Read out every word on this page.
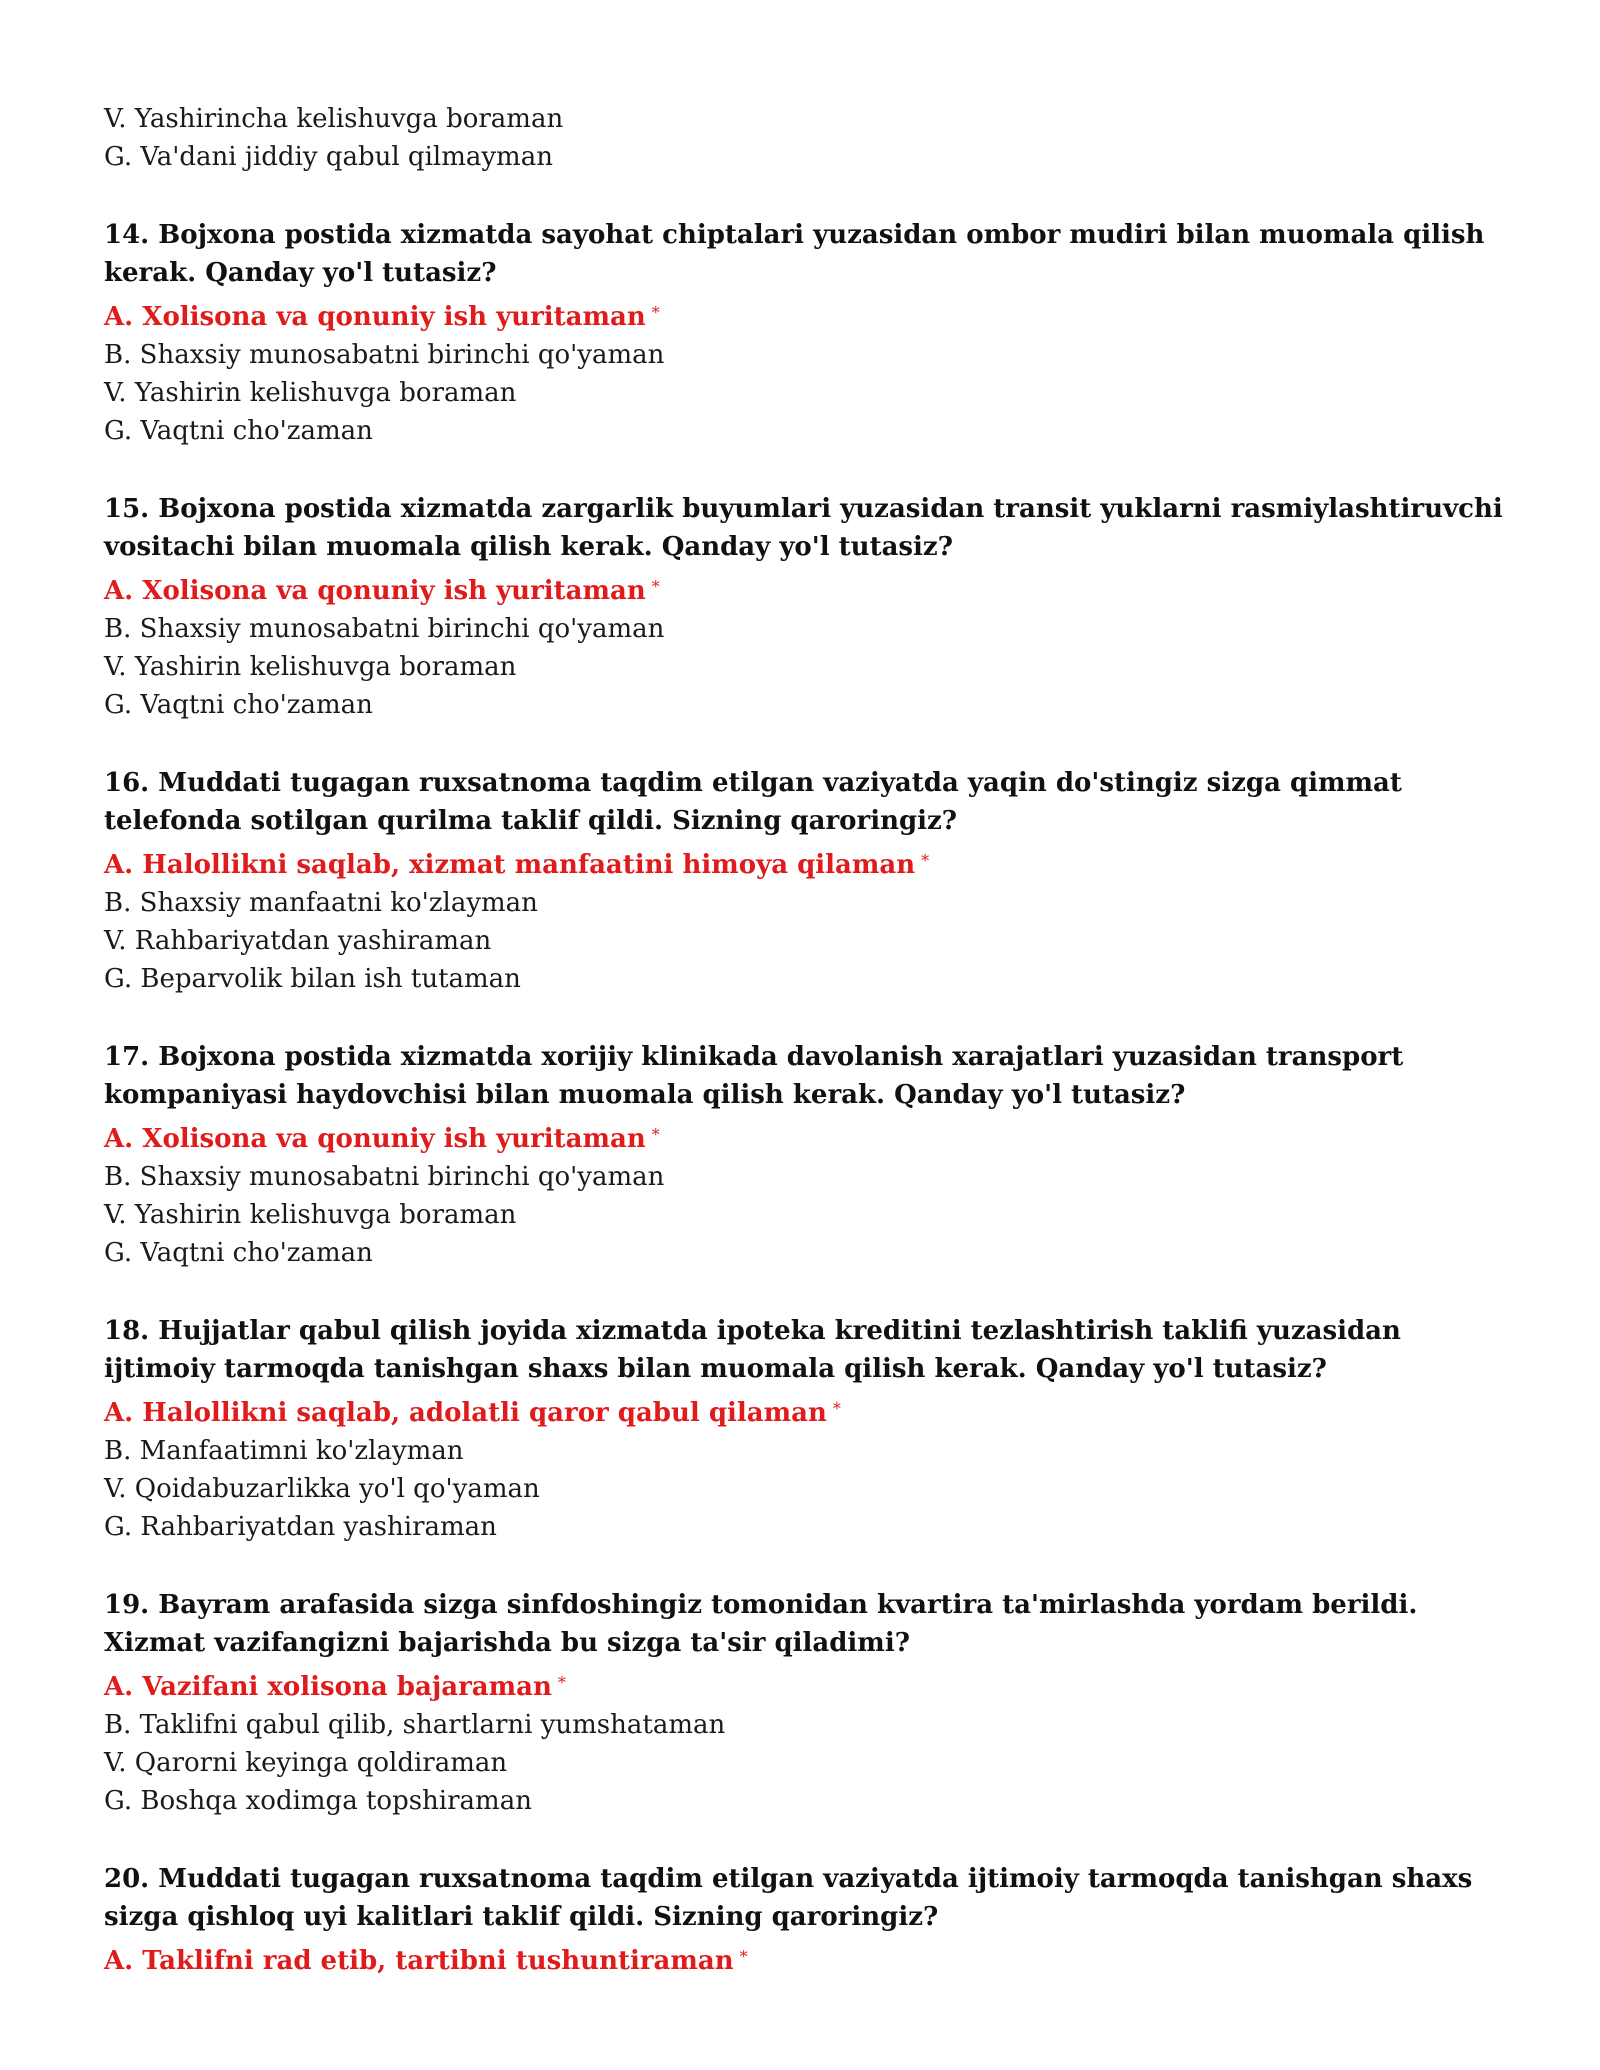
V. Yashirincha kelishuvga boraman
G. Va'dani jiddiy qabul qilmayman
14. Bojxona postida xizmatda sayohat chiptalari yuzasidan ombor mudiri bilan muomala qilish kerak. Qanday yo'l tutasiz?
A. Xolisona va qonuniy ish yuritaman *
B. Shaxsiy munosabatni birinchi qo'yaman
V. Yashirin kelishuvga boraman
G. Vaqtni cho'zaman
15. Bojxona postida xizmatda zargarlik buyumlari yuzasidan transit yuklarni rasmiylashtiruvchi vositachi bilan muomala qilish kerak. Qanday yo'l tutasiz?
A. Xolisona va qonuniy ish yuritaman *
B. Shaxsiy munosabatni birinchi qo'yaman
V. Yashirin kelishuvga boraman
G. Vaqtni cho'zaman
16. Muddati tugagan ruxsatnoma taqdim etilgan vaziyatda yaqin do'stingiz sizga qimmat telefonda sotilgan qurilma taklif qildi. Sizning qaroringiz?
A. Halollikni saqlab, xizmat manfaatini himoya qilaman *
B. Shaxsiy manfaatni ko'zlayman
V. Rahbariyatdan yashiraman
G. Beparvolik bilan ish tutaman
17. Bojxona postida xizmatda xorijiy klinikada davolanish xarajatlari yuzasidan transport kompaniyasi haydovchisi bilan muomala qilish kerak. Qanday yo'l tutasiz?
A. Xolisona va qonuniy ish yuritaman *
B. Shaxsiy munosabatni birinchi qo'yaman
V. Yashirin kelishuvga boraman
G. Vaqtni cho'zaman
18. Hujjatlar qabul qilish joyida xizmatda ipoteka kreditini tezlashtirish taklifi yuzasidan ijtimoiy tarmoqda tanishgan shaxs bilan muomala qilish kerak. Qanday yo'l tutasiz?
A. Halollikni saqlab, adolatli qaror qabul qilaman *
B. Manfaatimni ko'zlayman
V. Qoidabuzarlikka yo'l qo'yaman
G. Rahbariyatdan yashiraman
19. Bayram arafasida sizga sinfdoshingiz tomonidan kvartira ta'mirlashda yordam berildi. Xizmat vazifangizni bajarishda bu sizga ta'sir qiladimi?
A. Vazifani xolisona bajaraman *
B. Taklifni qabul qilib, shartlarni yumshataman
V. Qarorni keyinga qoldiraman
G. Boshqa xodimga topshiraman
20. Muddati tugagan ruxsatnoma taqdim etilgan vaziyatda ijtimoiy tarmoqda tanishgan shaxs sizga qishloq uyi kalitlari taklif qildi. Sizning qaroringiz?
A. Taklifni rad etib, tartibni tushuntiraman *
